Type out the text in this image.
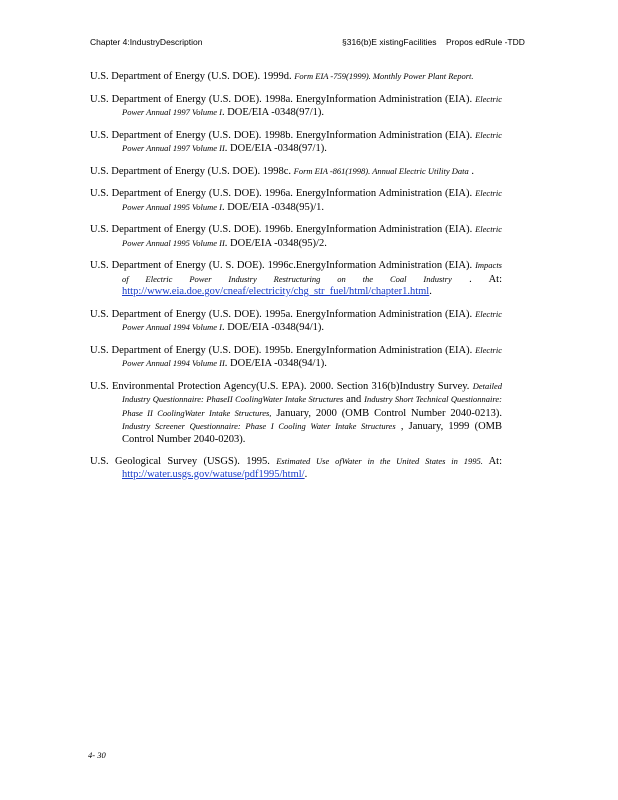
Chapter 4:IndustryDescription	§316(b)E xistingFacilities Propos edRule -TDD

U.S. Department of Energy (U.S. DOE). 1999d. Form EIA -759(1999). Monthly Power Plant Report.

U.S. Department of Energy (U.S. DOE). 1998a. EnergyInformation Administration (EIA). Electric Power Annual 1997 Volume I. DOE/EIA -0348(97/1).

U.S. Department of Energy (U.S. DOE). 1998b. EnergyInformation Administration (EIA). Electric Power Annual 1997 Volume II. DOE/EIA -0348(97/1).

U.S. Department of Energy (U.S. DOE). 1998c. Form EIA -861(1998). Annual Electric Utility Data .

U.S. Department of Energy (U.S. DOE). 1996a. EnergyInformation Administration (EIA). Electric Power Annual 1995 Volume I. DOE/EIA -0348(95)/1.

U.S. Department of Energy (U.S. DOE). 1996b. EnergyInformation Administration (EIA). Electric Power Annual 1995 Volume II. DOE/EIA -0348(95)/2.

U.S. Department of Energy (U. S. DOE). 1996c.EnergyInformation Administration (EIA). Impacts of Electric Power Industry Restructuring on the Coal Industry . At: http://www.eia.doe.gov/cneaf/electricity/chg_str_fuel/html/chapter1.html.

U.S. Department of Energy (U.S. DOE). 1995a. EnergyInformation Administration (EIA). Electric Power Annual 1994 Volume I. DOE/EIA -0348(94/1).

U.S. Department of Energy (U.S. DOE). 1995b. EnergyInformation Administration (EIA). Electric Power Annual 1994 Volume II. DOE/EIA -0348(94/1).

U.S. Environmental Protection Agency(U.S. EPA). 2000. Section 316(b)Industry Survey. Detailed Industry Questionnaire: PhaseII CoolingWater Intake Structures and Industry Short Technical Questionnaire: Phase II CoolingWater Intake Structures, January, 2000 (OMB Control Number 2040-0213). Industry Screener Questionnaire: Phase I Cooling Water Intake Structures , January, 1999 (OMB Control Number 2040-0203).

U.S. Geological Survey (USGS). 1995. Estimated Use ofWater in the United States in 1995. At: http://water.usgs.gov/watuse/pdf1995/html/.

4- 30
